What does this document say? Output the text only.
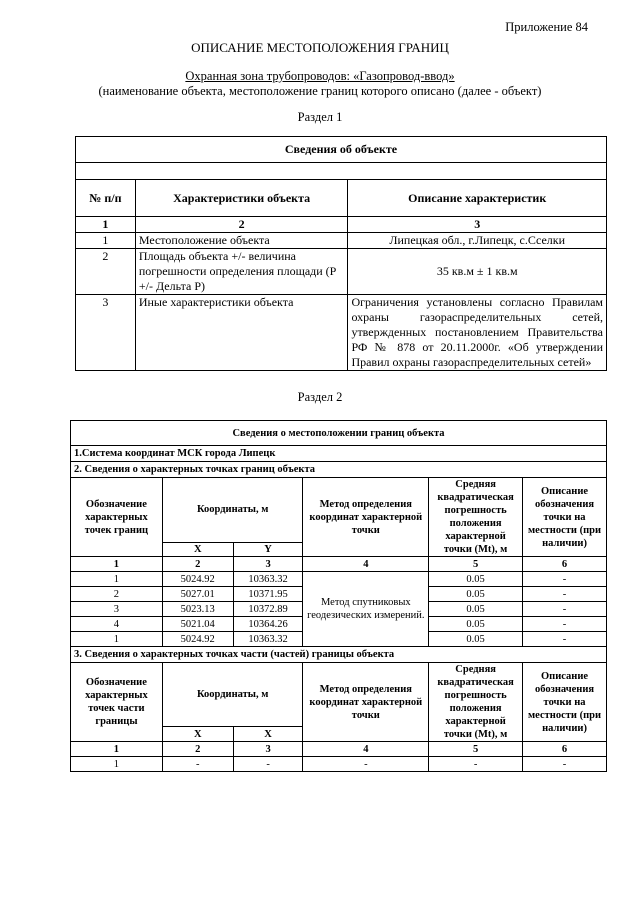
Приложение 84
ОПИСАНИЕ МЕСТОПОЛОЖЕНИЯ ГРАНИЦ
Охранная зона трубопроводов: «Газопровод-ввод»
(наименование объекта, местоположение границ которого описано (далее - объект)
Раздел 1
Сведения об объекте		

№ п/п	Характеристики объекта	Описание характеристик
1	2	3
1	Местоположение объекта	Липецкая обл., г.Липецк, с.Сселки
2	Площадь объекта +/- величина погрешности определения площади (P +/- Дельта P)	35 кв.м ± 1 кв.м
3	Иные характеристики объекта	Ограничения установлены согласно Правилам охраны газораспределительных сетей, утвержденных постановлением Правительства РФ № 878 от 20.11.2000г. «Об утверждении Правил охраны газораспределительных сетей»
Раздел 2
Сведения о местоположении границ объекта					
1.Система координат МСК города Липецк					
2. Сведения о характерных точках границ объекта					
Обозначение характерных точек границ	Координаты, м		Метод определения координат характерной точки	Средняя квадратическая погрешность положения характерной точки (Mt), м	Описание обозначения точки на местности (при наличии)
	X	Y			
1	2	3	4	5	6
1	5024.92	10363.32	Метод спутниковых геодезических измерений.	0.05	-
2	5027.01	10371.95		0.05	-
3	5023.13	10372.89		0.05	-
4	5021.04	10364.26		0.05	-
1	5024.92	10363.32		0.05	-
3. Сведения о характерных точках части (частей) границы объекта					
Обозначение характерных точек части границы	Координаты, м		Метод определения координат характерной точки	Средняя квадратическая погрешность положения характерной точки (Mt), м	Описание обозначения точки на местности (при наличии)
	X	X			
1	2	3	4	5	6
1	-	-	-	-	-
